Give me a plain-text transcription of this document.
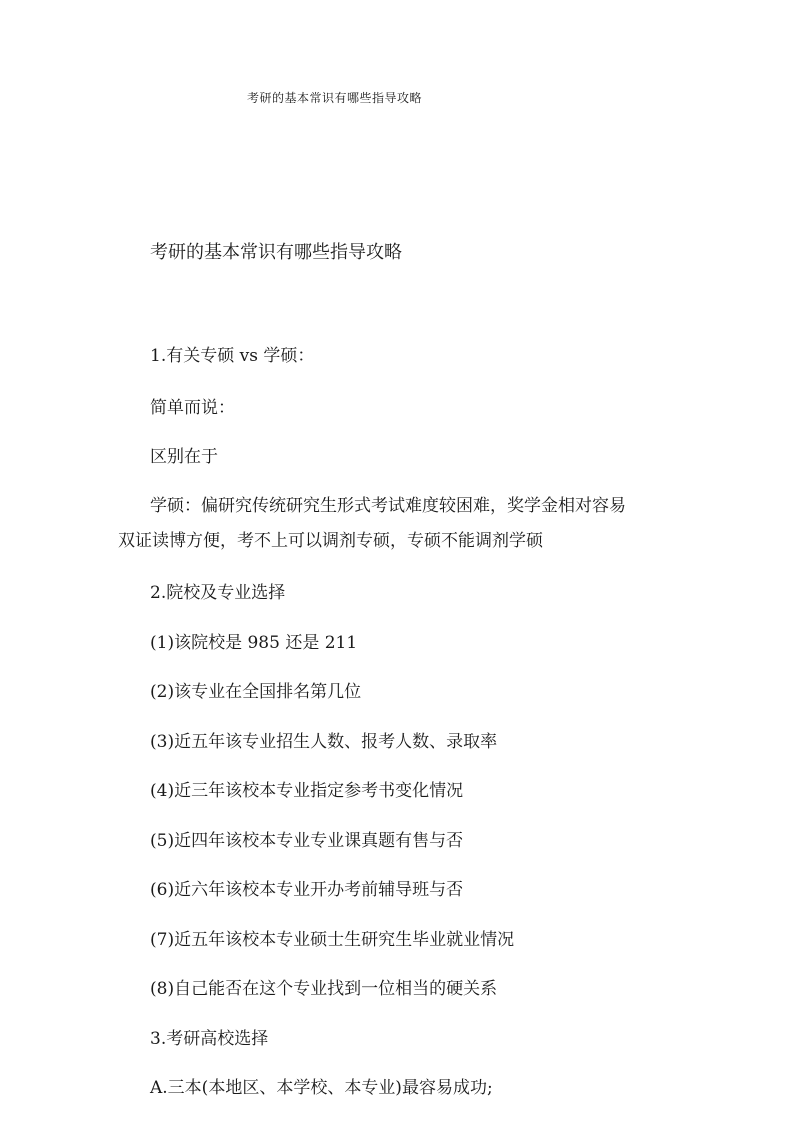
考研的基本常识有哪些指导攻略
考研的基本常识有哪些指导攻略
1.有关专硕 vs 学硕：
简单而说：
区别在于
学硕：偏研究传统研究生形式考试难度较困难，奖学金相对容易
双证读博方便，考不上可以调剂专硕，专硕不能调剂学硕
2.院校及专业选择
(1)该院校是 985 还是 211
(2)该专业在全国排名第几位
(3)近五年该专业招生人数、报考人数、录取率
(4)近三年该校本专业指定参考书变化情况
(5)近四年该校本专业专业课真题有售与否
(6)近六年该校本专业开办考前辅导班与否
(7)近五年该校本专业硕士生研究生毕业就业情况
(8)自己能否在这个专业找到一位相当的硬关系
3.考研高校选择
A.三本(本地区、本学校、本专业)最容易成功;
